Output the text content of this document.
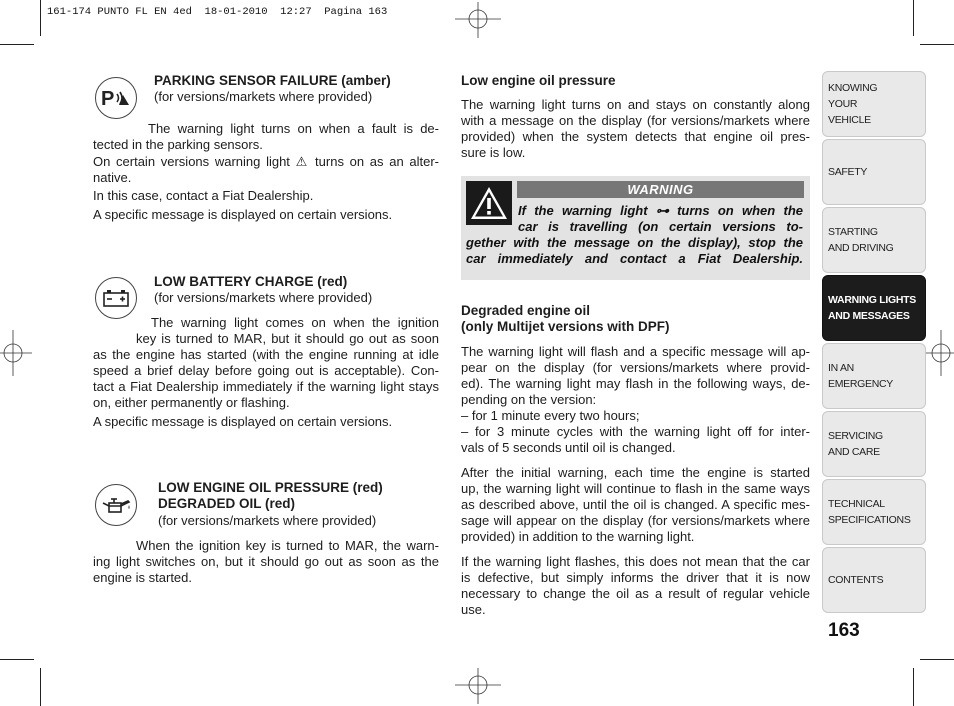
161-174 PUNTO FL EN 4ed  18-01-2010  12:27  Pagina 163
P
PARKING SENSOR FAILURE (amber)
(for versions/markets where provided)
The warning light turns on when a fault is de-
tected in the parking sensors.
On certain versions warning light ⚠ turns on as an alter-
native.
In this case, contact a Fiat Dealership.
A specific message is displayed on certain versions.
LOW BATTERY CHARGE (red)
(for versions/markets where provided)
The warning light comes on when the ignition
key is turned to MAR, but it should go out as soon
as the engine has started (with the engine running at idle
speed a brief delay before going out is acceptable). Con-
tact a Fiat Dealership immediately if the warning light stays
on, either permanently or flashing.
A specific message is displayed on certain versions.
LOW ENGINE OIL PRESSURE (red)
DEGRADED OIL (red)
(for versions/markets where provided)
When the ignition key is turned to MAR, the warn-
ing light switches on, but it should go out as soon as the
engine is started.
Low engine oil pressure
The warning light turns on and stays on constantly along
with a message on the display (for versions/markets where
provided) when the system detects that engine oil pres-
sure is low.
WARNING
If the warning light ⊶ turns on when the
car is travelling (on certain versions to-
gether with the message on the display), stop the
car immediately and contact a Fiat Dealership.
Degraded engine oil
(only Multijet versions with DPF)
The warning light will flash and a specific message will ap-
pear on the display (for versions/markets where provid-
ed). The warning light may flash in the following ways, de-
pending on the version:
– for 1 minute every two hours;
– for 3 minute cycles with the warning light off for inter-
vals of 5 seconds until oil is changed.
After the initial warning, each time the engine is started
up, the warning light will continue to flash in the same ways
as described above, until the oil is changed. A specific mes-
sage will appear on the display (for versions/markets where
provided) in addition to the warning light.
If the warning light flashes, this does not mean that the car
is defective, but simply informs the driver that it is now
necessary to change the oil as a result of regular vehicle
use.
KNOWING
YOUR
VEHICLE
SAFETY
STARTING
AND DRIVING
WARNING LIGHTS
AND MESSAGES
IN AN
EMERGENCY
SERVICING
AND CARE
TECHNICAL
SPECIFICATIONS
CONTENTS
163
